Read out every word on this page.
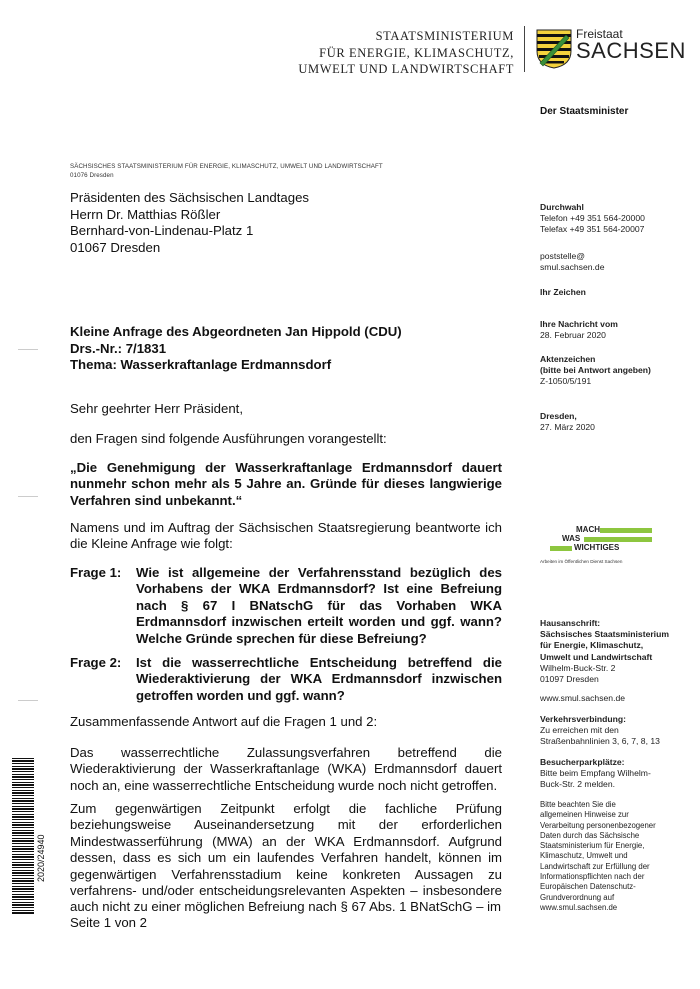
STAATSMINISTERIUM
FÜR ENERGIE, KLIMASCHUTZ,
UMWELT UND LANDWIRTSCHAFT
Freistaat
SACHSEN
Der Staatsminister
SÄCHSISCHES STAATSMINISTERIUM FÜR ENERGIE, KLIMASCHUTZ, UMWELT UND LANDWIRTSCHAFT
01076 Dresden
Präsidenten des Sächsischen Landtages
Herrn Dr. Matthias Rößler
Bernhard-von-Lindenau-Platz 1
01067 Dresden
Durchwahl
Telefon +49 351 564-20000
Telefax +49 351 564-20007
poststelle@
smul.sachsen.de
Ihr Zeichen
Ihre Nachricht vom
28. Februar 2020
Aktenzeichen
(bitte bei Antwort angeben)
Z-1050/5/191
Dresden,
27. März 2020
MACH
WAS
WICHTIGES
Arbeiten im Öffentlichen Dienst Sachsen
Hausanschrift:
Sächsisches Staatsministerium
für Energie, Klimaschutz,
Umwelt und Landwirtschaft
Wilhelm-Buck-Str. 2
01097 Dresden
www.smul.sachsen.de
Verkehrsverbindung:
Zu erreichen mit den
Straßenbahnlinien 3, 6, 7, 8, 13
Besucherparkplätze:
Bitte beim Empfang Wilhelm-
Buck-Str. 2 melden.
Bitte beachten Sie die
allgemeinen Hinweise zur
Verarbeitung personenbezogener
Daten durch das Sächsische
Staatsministerium für Energie,
Klimaschutz, Umwelt und
Landwirtschaft zur Erfüllung der
Informationspflichten nach der
Europäischen Datenschutz-
Grundverordnung auf
www.smul.sachsen.de
Kleine Anfrage des Abgeordneten Jan Hippold (CDU)
Drs.-Nr.: 7/1831
Thema: Wasserkraftanlage Erdmannsdorf
Sehr geehrter Herr Präsident,
den Fragen sind folgende Ausführungen vorangestellt:
„Die Genehmigung der Wasserkraftanlage Erdmannsdorf dauert nunmehr schon mehr als 5 Jahre an. Gründe für dieses langwierige Verfahren sind unbekannt.“
Namens und im Auftrag der Sächsischen Staatsregierung beantworte ich die Kleine Anfrage wie folgt:
Frage 1: Wie ist allgemeine der Verfahrensstand bezüglich des Vorhabens der WKA Erdmannsdorf? Ist eine Befreiung nach § 67 I BNatschG für das Vorhaben WKA Erdmannsdorf inzwischen erteilt worden und ggf. wann? Welche Gründe sprechen für diese Befreiung?
Frage 2: Ist die wasserrechtliche Entscheidung betreffend die Wiederaktivierung der WKA Erdmannsdorf inzwischen getroffen worden und ggf. wann?
Zusammenfassende Antwort auf die Fragen 1 und 2:
Das wasserrechtliche Zulassungsverfahren betreffend die Wiederaktivierung der Wasserkraftanlage (WKA) Erdmannsdorf dauert noch an, eine wasserrechtliche Entscheidung wurde noch nicht getroffen.
Zum gegenwärtigen Zeitpunkt erfolgt die fachliche Prüfung beziehungsweise Auseinandersetzung mit der erforderlichen Mindestwasserführung (MWA) an der WKA Erdmannsdorf. Aufgrund dessen, dass es sich um ein laufendes Verfahren handelt, können im gegenwärtigen Verfahrensstadium keine konkreten Aussagen zu verfahrens- und/oder entscheidungsrelevanten Aspekten – insbesondere auch nicht zu einer möglichen Befreiung nach § 67 Abs. 1 BNatSchG – im
Seite 1 von 2
2020/24940
